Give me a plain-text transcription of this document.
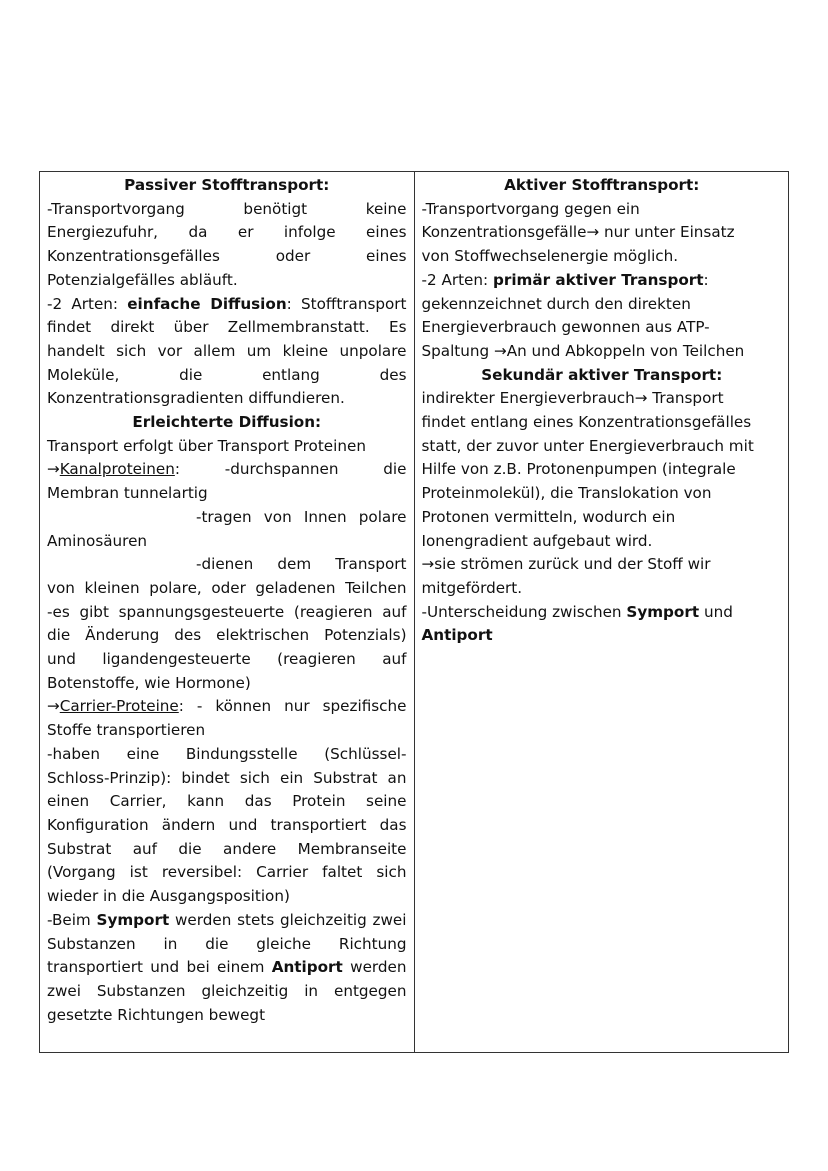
Passiver Stofftransport:

-Transportvorgang benötigt keine

Energiezufuhr, da er infolge eines

Konzentrationsgefälles oder eines

Potenzialgefälles abläuft.

-2 Arten: einfache Diffusion: Stofftransport

findet direkt über Zellmembranstatt. Es

handelt sich vor allem um kleine unpolare

Moleküle, die entlang des

Konzentrationsgradienten diffundieren.

Erleichterte Diffusion:

Transport erfolgt über Transport Proteinen

→Kanalproteinen: -durchspannen die

Membran tunnelartig

-tragen von Innen polare

Aminosäuren

-dienen dem Transport

von kleinen polare, oder geladenen Teilchen

-es gibt spannungsgesteuerte (reagieren auf

die Änderung des elektrischen Potenzials)

und ligandengesteuerte (reagieren auf

Botenstoffe, wie Hormone)

→Carrier-Proteine: - können nur spezifische

Stoffe transportieren

-haben eine Bindungsstelle (Schlüssel-

Schloss-Prinzip): bindet sich ein Substrat an

einen Carrier, kann das Protein seine

Konfiguration ändern und transportiert das

Substrat auf die andere Membranseite

(Vorgang ist reversibel: Carrier faltet sich

wieder in die Ausgangsposition)

-Beim Symport werden stets gleichzeitig zwei

Substanzen in die gleiche Richtung

transportiert und bei einem Antiport werden

zwei Substanzen gleichzeitig in entgegen

gesetzte Richtungen bewegt

Aktiver Stofftransport:

-Transportvorgang gegen ein

Konzentrationsgefälle→ nur unter Einsatz

von Stoffwechselenergie möglich.

-2 Arten: primär aktiver Transport:

gekennzeichnet durch den direkten

Energieverbrauch gewonnen aus ATP-

Spaltung →An und Abkoppeln von Teilchen

Sekundär aktiver Transport:

indirekter Energieverbrauch→ Transport

findet entlang eines Konzentrationsgefälles

statt, der zuvor unter Energieverbrauch mit

Hilfe von z.B. Protonenpumpen (integrale

Proteinmolekül), die Translokation von

Protonen vermitteln, wodurch ein

Ionengradient aufgebaut wird.

→sie strömen zurück und der Stoff wir

mitgefördert.

-Unterscheidung zwischen Symport und

Antiport
